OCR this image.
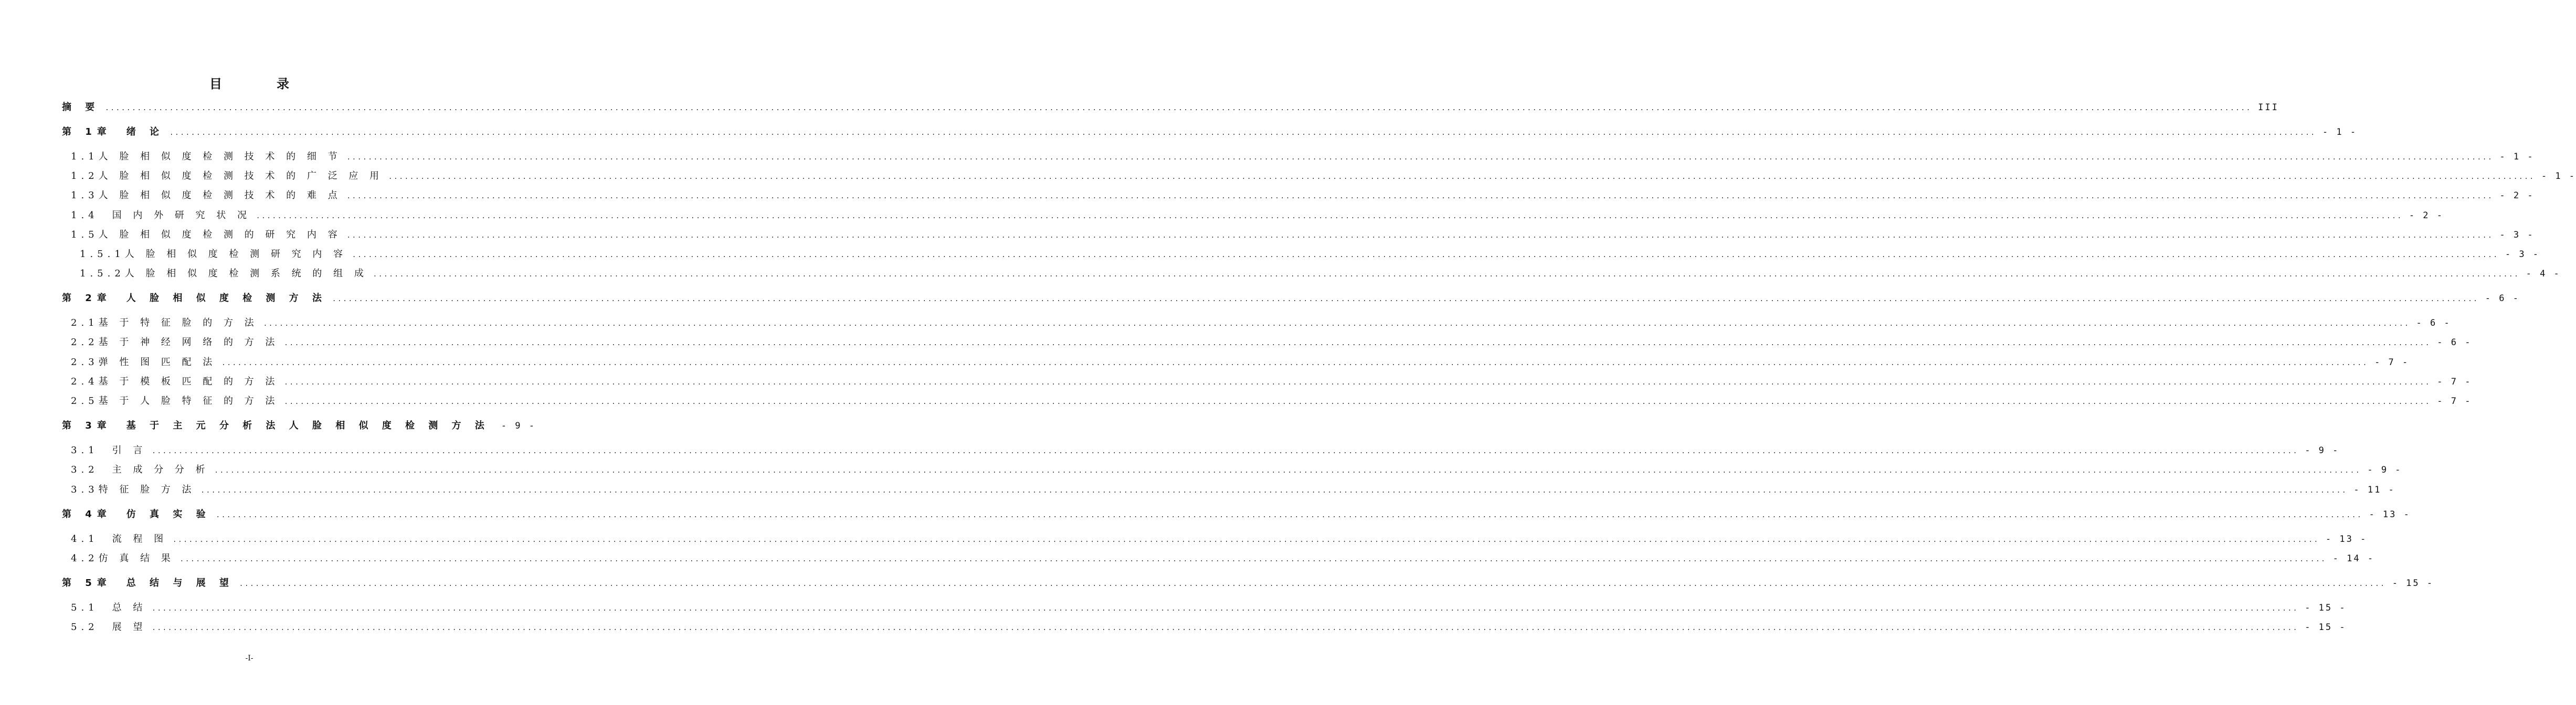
目　录
摘 要 .....	III
第 1章　绪 论 .....	- 1 -
1.1人 脸 相 似 度 检 测 技 术 的 细 节 .....	- 1 -
1.2人 脸 相 似 度 检 测 技 术 的 广 泛 应 用 .....	- 1 -
1.3人 脸 相 似 度 检 测 技 术 的 难 点 .....	- 2 -
1.4　国 内 外 研 究 状 况 .....	- 2 -
1.5人 脸 相 似 度 检 测 的 研 究 内 容 .....	- 3 -
1.5.1人 脸 相 似 度 检 测 研 究 内 容 .....	- 3 -
1.5.2人 脸 相 似 度 检 测 系 统 的 组 成 .....	- 4 -
第 2章　人 脸 相 似 度 检 测 方 法 .....	- 6 -
2.1基 于 特 征 脸 的 方 法 .....	- 6 -
2.2基 于 神 经 网 络 的 方 法 .....	- 6 -
2.3弹 性 图 匹 配 法 .....	- 7 -
2.4基 于 模 板 匹 配 的 方 法 .....	- 7 -
2.5基 于 人 脸 特 征 的 方 法 .....	- 7 -
第 3章　基 于 主 元 分 析 法 人 脸 相 似 度 检 测 方 法 - 9 -
3.1　引 言 .....	- 9 -
3.2　主 成 分 分 析 .....	- 9 -
3.3特 征 脸 方 法 .....	- 11 -
第 4章　仿 真 实 验 .....	- 13 -
4.1　流 程 图 .....	- 13 -
4.2仿 真 结 果 .....	- 14 -
第 5章　总 结 与 展 望 .....	- 15 -
5.1　总 结 .....	- 15 -
5.2　展 望 .....	- 15 -
-I-
